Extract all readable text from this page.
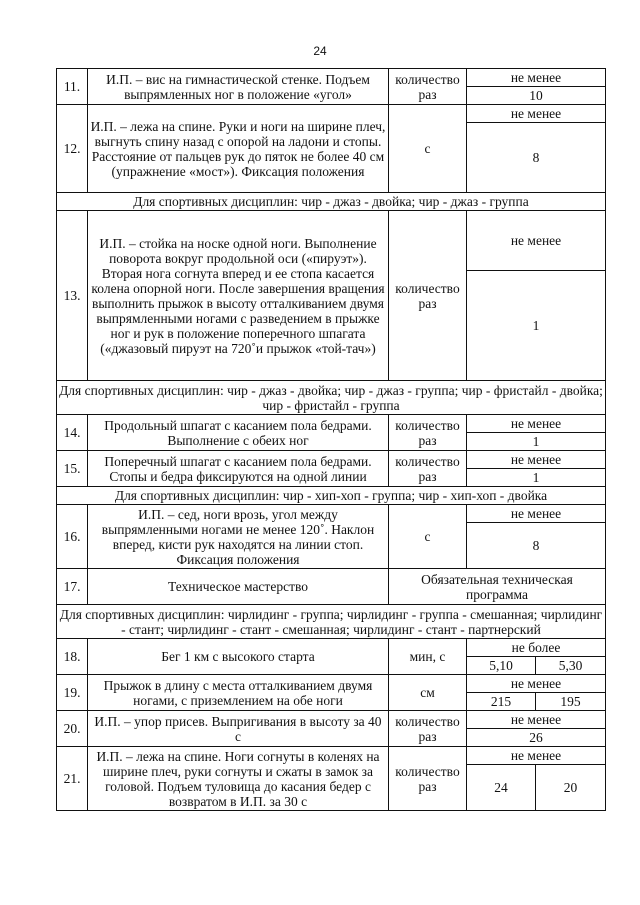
24
11.	И.П. – вис на гимнастической стенке. Подъем выпрямленных ног в положение «угол»	количество раз	не менее	
			10	
12.	И.П. – лежа на спине. Руки и ноги на ширине плеч, выгнуть спину назад с опорой на ладони и стопы. Расстояние от пальцев рук до пяток не более 40 см (упражнение «мост»). Фиксация положения	с	не менее	
			8	
Для спортивных дисциплин: чир - джаз - двойка; чир - джаз - группа				
13.	И.П. – стойка на носке одной ноги. Выполнение поворота вокруг продольной оси («пируэт»). Вторая нога согнута вперед и ее стопа касается колена опорной ноги. После завершения вращения выполнить прыжок в высоту отталкиванием двумя выпрямленными ногами с разведением в прыжке ног и рук в положение поперечного шпагата («джазовый пируэт на 720˚и прыжок «той-тач»)	количество раз	не менее	
			1	
Для спортивных дисциплин: чир - джаз - двойка; чир - джаз - группа; чир - фристайл - двойка; чир - фристайл - группа				
14.	Продольный шпагат с касанием пола бедрами. Выполнение с обеих ног	количество раз	не менее	
			1	
15.	Поперечный шпагат с касанием пола бедрами. Стопы и бедра фиксируются на одной линии	количество раз	не менее	
			1	
Для спортивных дисциплин: чир - хип-хоп - группа; чир - хип-хоп - двойка				
16.	И.П. – сед, ноги врозь, угол между выпрямленными ногами не менее 120˚. Наклон вперед, кисти рук находятся на линии стоп. Фиксация положения	с	не менее	
			8	
17.	Техническое мастерство	Обязательная техническая программа		
Для спортивных дисциплин: чирлидинг - группа; чирлидинг - группа - смешанная; чирлидинг - стант; чирлидинг - стант - смешанная; чирлидинг - стант - партнерский				
18.	Бег 1 км с высокого старта	мин, с	не более	
			5,10	5,30
19.	Прыжок в длину с места отталкиванием двумя ногами, с приземлением на обе ноги	см	не менее	
			215	195
20.	И.П. – упор присев. Выпригивания в высоту за 40 с	количество раз	не менее	
			26	
21.	И.П. – лежа на спине. Ноги согнуты в коленях на ширине плеч, руки согнуты и сжаты в замок за головой. Подъем туловища до касания бедер с возвратом в И.П. за 30 с	количество раз	не менее	
			24	20
